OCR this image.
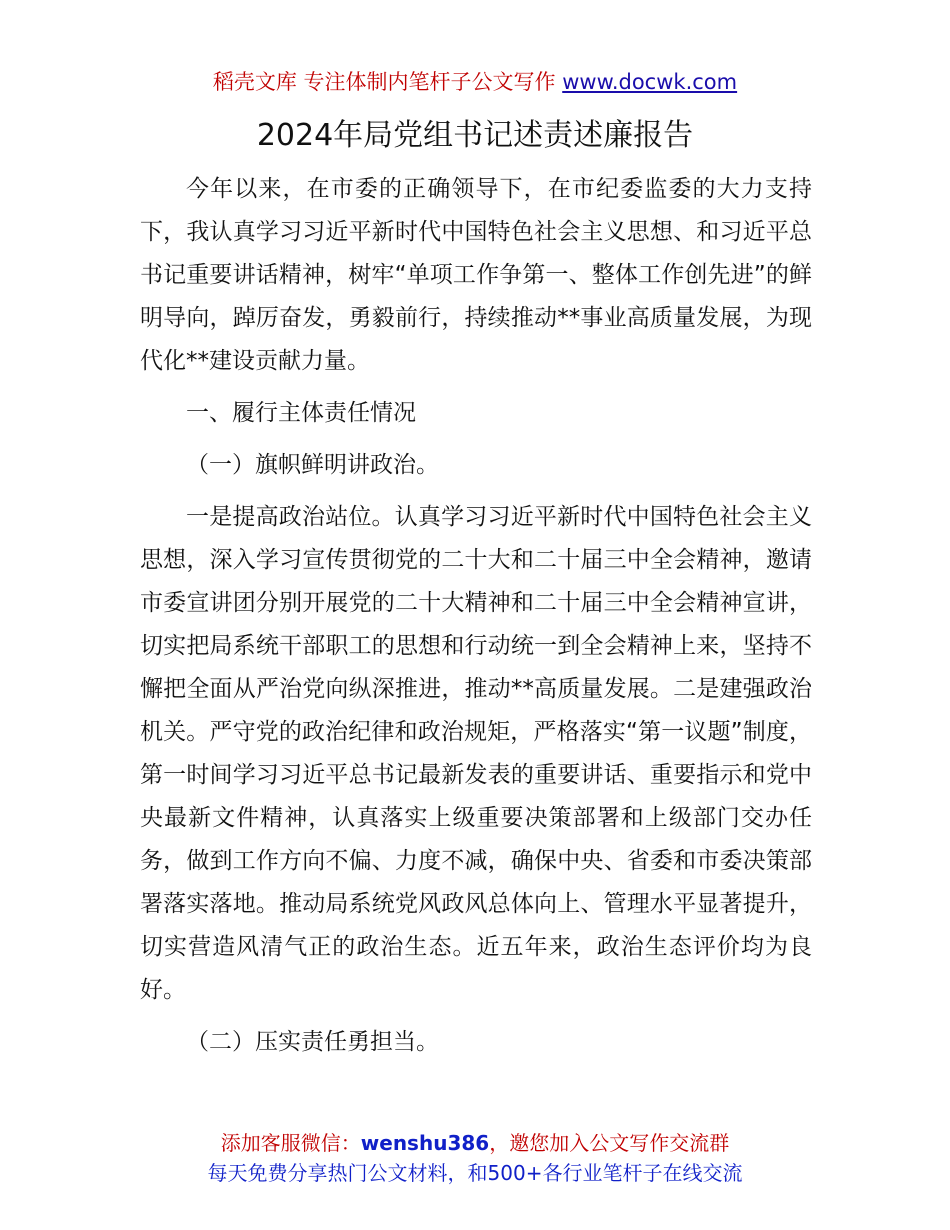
稻壳文库 专注体制内笔杆子公文写作 www.docwk.com
2024年局党组书记述责述廉报告

今年以来，在市委的正确领导下，在市纪委监委的大力支持下，我认真学习习近平新时代中国特色社会主义思想、和习近平总书记重要讲话精神，树牢“单项工作争第一、整体工作创先进”的鲜明导向，踔厉奋发，勇毅前行，持续推动**事业高质量发展，为现代化**建设贡献力量。

一、履行主体责任情况

（一）旗帜鲜明讲政治。

一是提高政治站位。认真学习习近平新时代中国特色社会主义思想，深入学习宣传贯彻党的二十大和二十届三中全会精神，邀请市委宣讲团分别开展党的二十大精神和二十届三中全会精神宣讲，切实把局系统干部职工的思想和行动统一到全会精神上来，坚持不懈把全面从严治党向纵深推进，推动**高质量发展。二是建强政治机关。严守党的政治纪律和政治规矩，严格落实“第一议题”制度，第一时间学习习近平总书记最新发表的重要讲话、重要指示和党中央最新文件精神，认真落实上级重要决策部署和上级部门交办任务，做到工作方向不偏、力度不减，确保中央、省委和市委决策部署落实落地。推动局系统党风政风总体向上、管理水平显著提升，切实营造风清气正的政治生态。近五年来，政治生态评价均为良好。

（二）压实责任勇担当。

添加客服微信：wenshu386，邀您加入公文写作交流群
每天免费分享热门公文材料，和500+各行业笔杆子在线交流
